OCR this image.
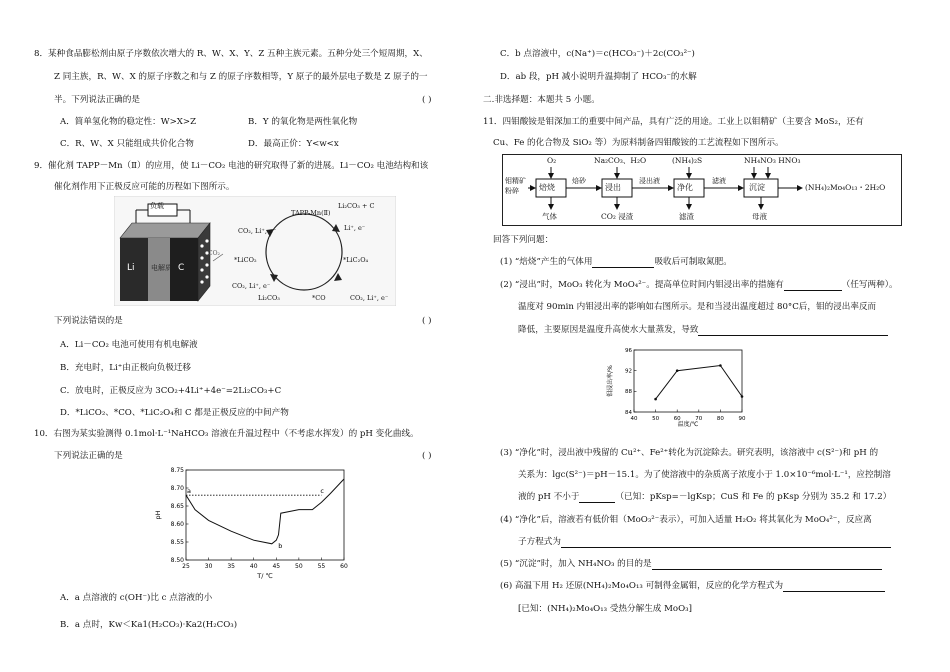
8．某种食品膨松剂由原子序数依次增大的 R、W、X、Y、Z 五种主族元素。五种分处三个短周期，X、
Z 同主族，R、W、X 的原子序数之和与 Z 的原子序数相等，Y 原子的最外层电子数是 Z 原子的一
半。下列说法正确的是	( )
A．简单氢化物的稳定性：W>X>Z	B．Y 的氧化物是两性氧化物
C．R、W、X 只能组成共价化合物	D．最高正价：Y<w<x
9．催化剂 TAPP－Mn（Ⅱ）的应用，使 Li－CO₂ 电池的研究取得了新的进展。Li－CO₂ 电池结构和该
催化剂作用下正极反应可能的历程如下图所示。
负载
Li 电解质 C
CO₂
TAPP-Mn(Ⅱ)
Li₂CO₃ + C
Li⁺, e⁻
*LiC₂O₄
CO₂, Li⁺, e⁻
*CO
Li₂CO₃
CO₂, Li⁺, e⁻
*LiCO₂
CO₂, Li⁺, e⁻
下列说法错误的是	( )
A．Li－CO₂ 电池可使用有机电解液
B．充电时，Li⁺由正极向负极迁移
C．放电时，正极反应为 3CO₂+4Li⁺+4e⁻=2Li₂CO₃+C
D．*LiCO₂、*CO、*LiC₂O₄和 C 都是正极反应的中间产物
10．右图为某实验测得 0.1mol·L⁻¹NaHCO₃ 溶液在升温过程中（不考虑水挥发）的 pH 变化曲线。
下列说法正确的是	( )
25 30 35 40 45 50 55 60
8.50
8.55
8.60
8.65
8.70
8.75
a
b
c
pH
T/ ℃
A．a 点溶液的 c(OH⁻)比 c 点溶液的小
B．a 点时，Kw＜Ka1(H₂CO₃)·Ka2(H₂CO₃)
C．b 点溶液中，c(Na⁺)＝c(HCO₃⁻)＋2c(CO₃²⁻)
D．ab 段，pH 减小说明升温抑制了 HCO₃⁻的水解
二.非选择题：本题共 5 小题。
11．四钼酸铵是钼深加工的重要中间产品，具有广泛的用途。工业上以钼精矿（主要含 MoS₂，还有
Cu、Fe 的化合物及 SiO₂ 等）为原料制备四钼酸铵的工艺流程如下图所示。
钼精矿粉碎
O₂	Na₂CO₃、H₂O	(NH₄)₂S	NH₄NO₃ HNO₃
焙烧
焙砂
浸出
浸出液
净化
滤液
沉淀	(NH₄)₂Mo₄O₁₃・2H₂O
气体	CO₂ 浸渣	滤渣	母液
回答下列问题：
(1) “焙烧”产生的气体用	吸收后可制取氮肥。
(2) “浸出”时，MoO₃ 转化为 MoO₄²⁻。提高单位时间内钼浸出率的措施有	（任写两种）。
温度对 90min 内钼浸出率的影响如右图所示。是和当浸出温度超过 80°C后，钼的浸出率反而
降低，主要原因是温度升高使水大量蒸发，导致
40	50	60	70	80	90
84
88
92
96
钼浸出率/%
温度/℃
(3) “净化”时，浸出液中残留的 Cu²⁺、Fe²⁺转化为沉淀除去。研究表明，该溶液中 c(S²⁻)和 pH 的
关系为：lgc(S²⁻)＝pH－15.1。为了使溶液中的杂质离子浓度小于 1.0×10⁻⁶mol·L⁻¹，应控制溶
液的 pH 不小于	（已知：pKsp=－lgKsp；CuS 和 Fe 的 pKsp 分别为 35.2 和 17.2）
(4) “净化”后，溶液若有低价钼（MoO₃²⁻表示），可加入适量 H₂O₂ 将其氧化为 MoO₄²⁻，反应离
子方程式为
(5) “沉淀”时，加入 NH₄NO₃ 的目的是
(6) 高温下用 H₂ 还原(NH₄)₂Mo₄O₁₃ 可制得金属钼，反应的化学方程式为
[已知：(NH₄)₂Mo₄O₁₃ 受热分解生成 MoO₃]
